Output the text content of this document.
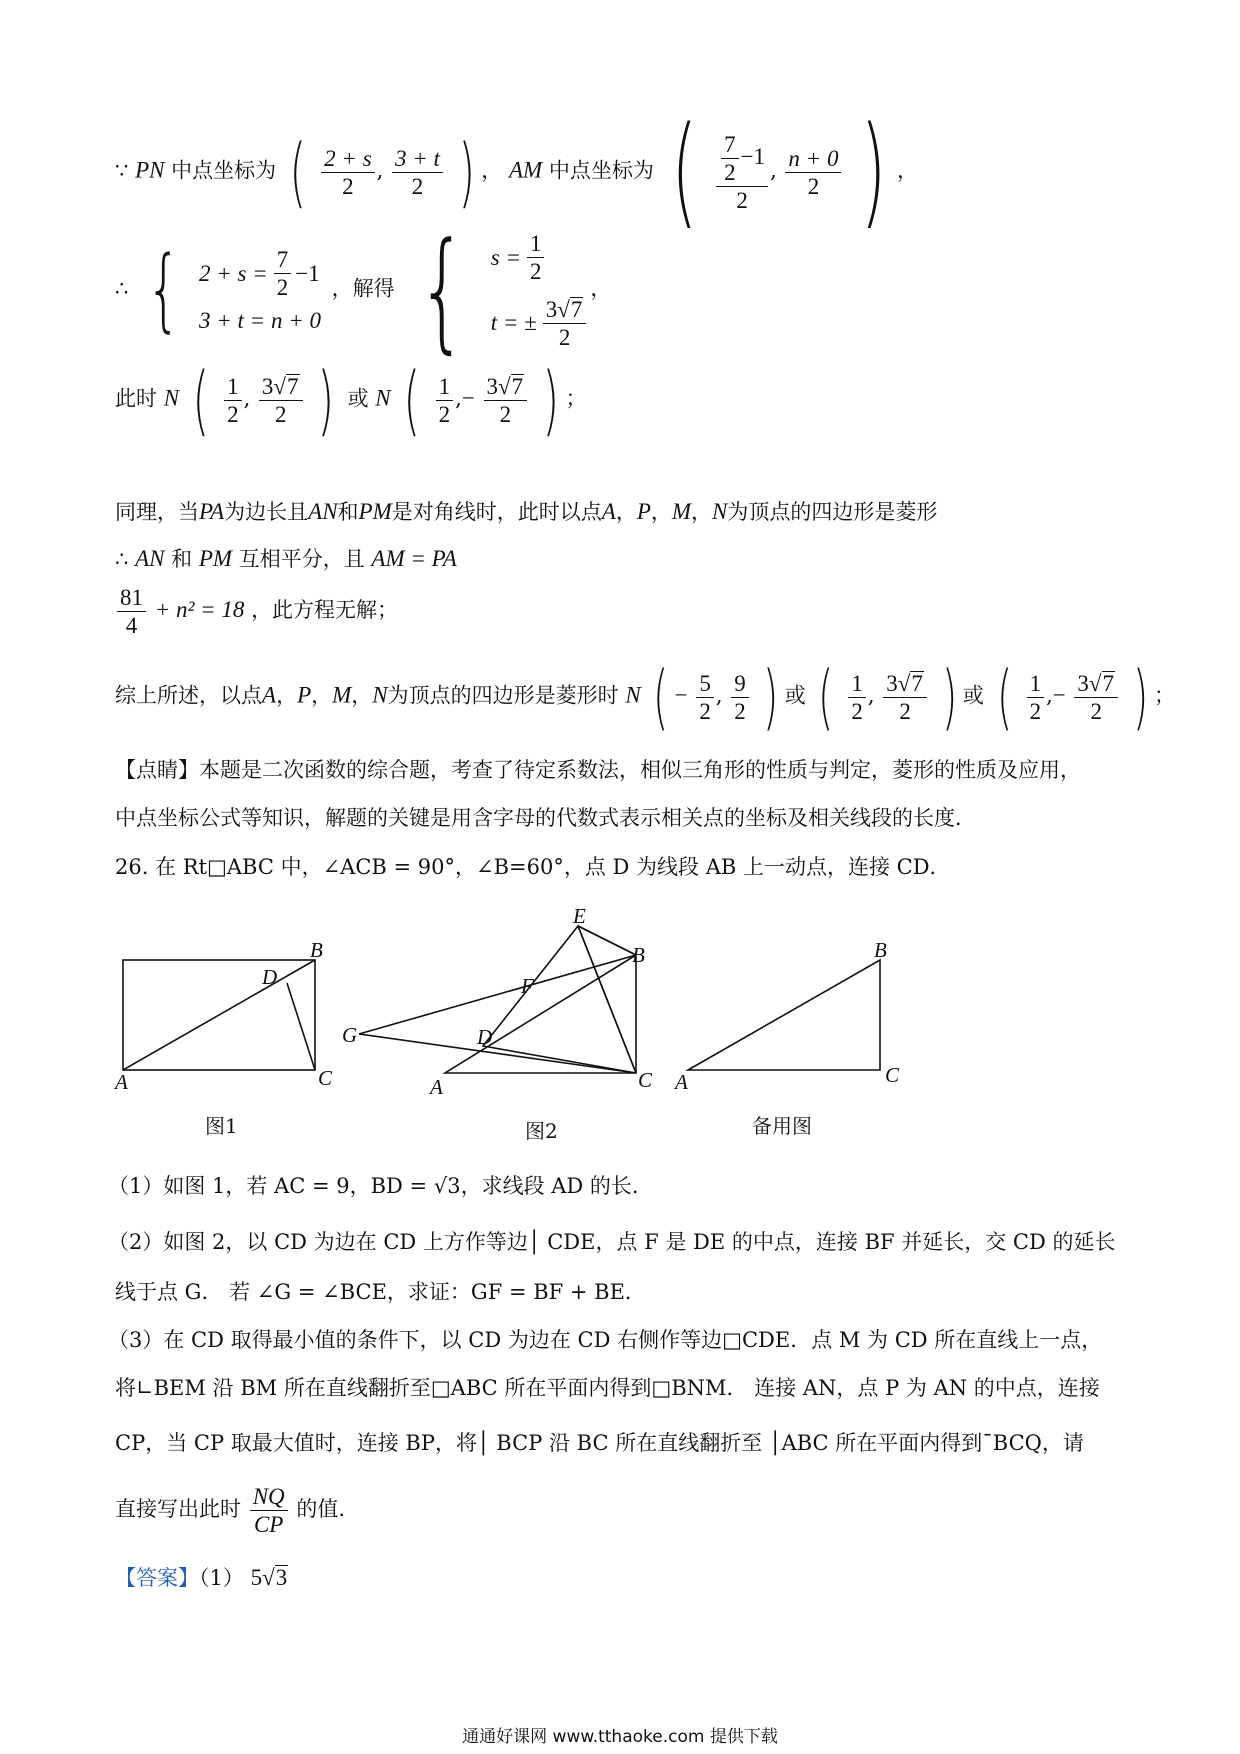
∵ PN 中点坐标为 ( $\frac{2 + s}{2}$ , $\frac{3 + t}{2}$ ) ， AM 中点坐标为 ( $\frac{\frac{7}{2} -1}{2}$ , $\frac{n + 0}{2}$ ) ，
∴ { $2 + s = \frac{7}{2} -1$
3 + t = n + 0
，解得 { $s = \frac{1}{2}$
t = ± $\frac{3 √ 7}{2}$
，
此时 N ( $\frac{1}{2}$ , $\frac{3 √ 7}{2}$ ) 或 N ( $\frac{1}{2}$ ,− $\frac{3 √ 7}{2}$ ) ；
同理，当PA为边长且AN和PM是对角线时，此时以点A，P，M，N为顶点的四边形是菱形
∴ AN 和 PM 互相平分，且 AM = PA
$\frac{81}{4} + n^2 = 18$ ，此方程无解；
综上所述，以点A，P，M，N为顶点的四边形是菱形时 N ( − $\frac{5}{2}$ , $\frac{9}{2}$ ) 或 ( $\frac{1}{2}$ , $\frac{3 √ 7}{2}$ ) 或 ( $\frac{1}{2}$ ,− $\frac{3 √ 7}{2}$ ) ；
【点睛】本题是二次函数的综合题，考查了待定系数法，相似三角形的性质与判定，菱形的性质及应用，
中点坐标公式等知识，解题的关键是用含字母的代数式表示相关点的坐标及相关线段的长度．
26. 在 Rt□ABC 中，∠ACB = 90°，∠B=60°，点 D 为线段 AB 上一动点，连接 CD．
A
B
C
D
A
B
C
D
E
F
G
A
B
C
图1	图2	备用图
（1）如图 1，若 AC = 9，BD = √3，求线段 AD 的长.
（2）如图 2，以 CD 为边在 CD 上方作等边│ CDE，点 F 是 DE 的中点，连接 BF 并延长，交 CD 的延长
线于点 G． 若 ∠G = ∠BCE，求证：GF = BF + BE．
（3）在 CD 取得最小值的条件下，以 CD 为边在 CD 右侧作等边□CDE．点 M 为 CD 所在直线上一点，
将∟BEM 沿 BM 所在直线翻折至□ABC 所在平面内得到□BNM． 连接 AN，点 P 为 AN 的中点，连接
CP，当 CP 取最大值时，连接 BP，将│ BCP 沿 BC 所在直线翻折至 │ABC 所在平面内得到¯BCQ，请
直接写出此时 $\frac{NQ}{CP}$ 的值.
【答案】（1） 5 √ 3
通通好课网 www.tthaoke.com 提供下载
